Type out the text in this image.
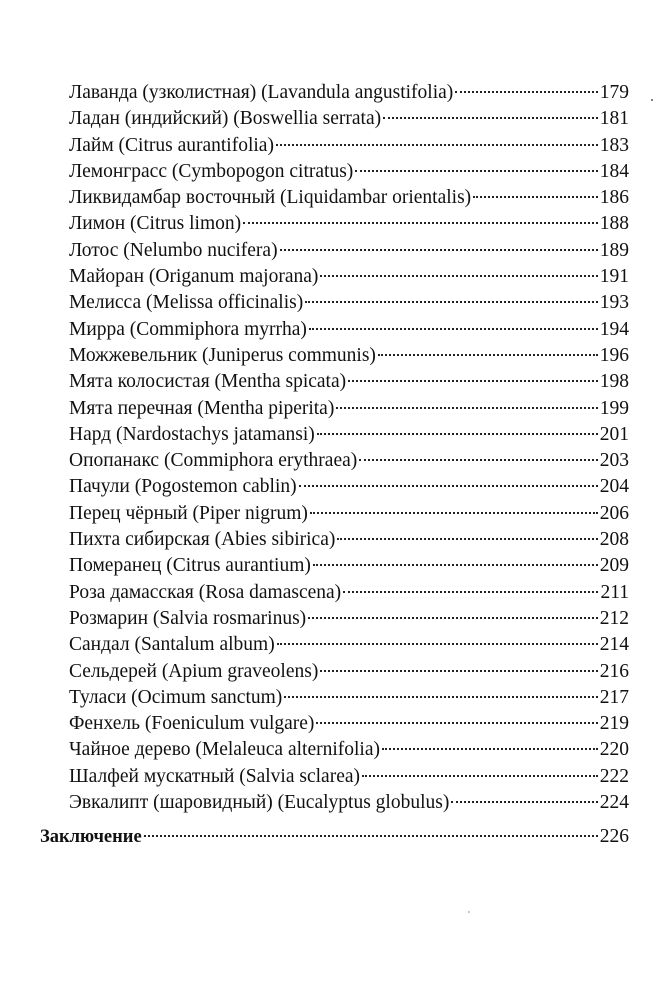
Лаванда (узколистная) (Lavandula angustifolia)	179
Ладан (индийский) (Boswellia serrata)	181
Лайм (Citrus aurantifolia)	183
Лемонграсс (Cymbopogon citratus)	184
Ликвидамбар восточный (Liquidambar orientalis)	186
Лимон (Citrus limon)	188
Лотос (Nelumbo nucifera)	189
Майоран (Origanum majorana)	191
Мелисса (Melissa officinalis)	193
Мирра (Commiphora myrrha)	194
Можжевельник (Juniperus communis)	196
Мята колосистая (Mentha spicata)	198
Мята перечная (Mentha piperita)	199
Нард (Nardostachys jatamansi)	201
Опопанакс (Commiphora erythraea)	203
Пачули (Pogostemon cablin)	204
Перец чёрный (Piper nigrum)	206
Пихта сибирская (Abies sibirica)	208
Померанец (Citrus aurantium)	209
Роза дамасская (Rosa damascena)	211
Розмарин (Salvia rosmarinus)	212
Сандал (Santalum album)	214
Сельдерей (Apium graveolens)	216
Туласи (Ocimum sanctum)	217
Фенхель (Foeniculum vulgare)	219
Чайное дерево (Melaleuca alternifolia)	220
Шалфей мускатный (Salvia sclarea)	222
Эвкалипт (шаровидный) (Eucalyptus globulus)	224
Заключение	226
